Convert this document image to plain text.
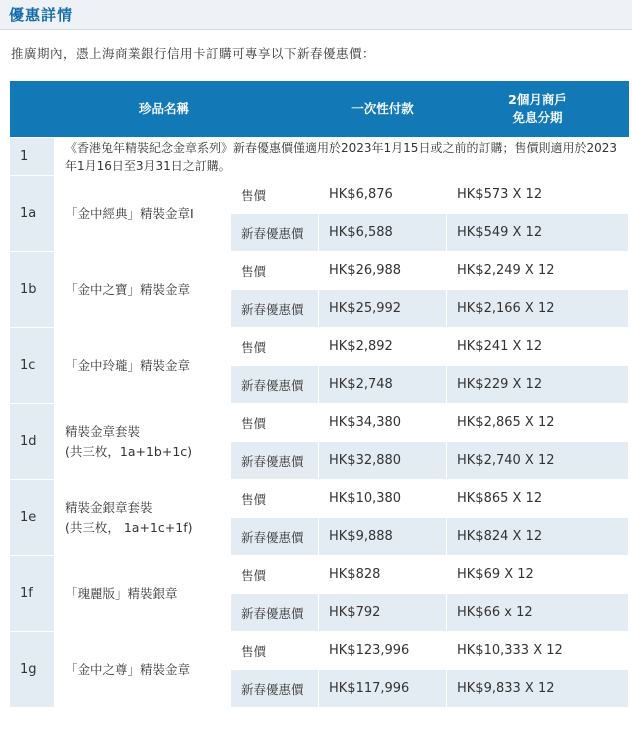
優惠詳情
推廣期內，憑上海商業銀行信用卡訂購可專享以下新春優惠價：
珍品名稱			一次性付款	2個月商戶
免息分期

1	《香港兔年精裝紀念金章系列》新春優惠價僅適用於2023年1月15日或之前的訂購；售價則適用於2023年1月16日至3月31日之訂購。			
1a	「金中經典」精裝金章I	售價	HK$6,876	HK$573 X 12
		新春優惠價	HK$6,588	HK$549 X 12
1b	「金中之寶」精裝金章	售價	HK$26,988	HK$2,249 X 12
		新春優惠價	HK$25,992	HK$2,166 X 12
1c	「金中玲瓏」精裝金章	售價	HK$2,892	HK$241 X 12
		新春優惠價	HK$2,748	HK$229 X 12
1d	精裝金章套裝
(共三枚，1a+1b+1c)	售價	HK$34,380	HK$2,865 X 12
		新春優惠價	HK$32,880	HK$2,740 X 12
1e	精裝金銀章套裝
(共三枚， 1a+1c+1f)	售價	HK$10,380	HK$865 X 12
		新春優惠價	HK$9,888	HK$824 X 12
1f	「瑰麗版」精裝銀章	售價	HK$828	HK$69 X 12
		新春優惠價	HK$792	HK$66 x 12
1g	「金中之尊」精裝金章	售價	HK$123,996	HK$10,333 X 12
		新春優惠價	HK$117,996	HK$9,833 X 12
